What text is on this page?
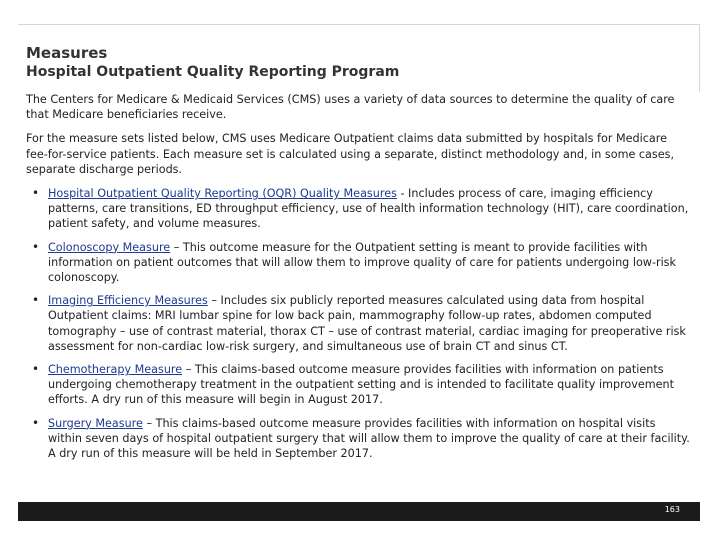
Measures
Hospital Outpatient Quality Reporting Program

The Centers for Medicare & Medicaid Services (CMS) uses a variety of data sources to determine the quality of care that Medicare beneficiaries receive.

For the measure sets listed below, CMS uses Medicare Outpatient claims data submitted by hospitals for Medicare fee-for-service patients. Each measure set is calculated using a separate, distinct methodology and, in some cases, separate discharge periods.

• Hospital Outpatient Quality Reporting (OQR) Quality Measures - Includes process of care, imaging efficiency patterns, care transitions, ED throughput efficiency, use of health information technology (HIT), care coordination, patient safety, and volume measures.
• Colonoscopy Measure – This outcome measure for the Outpatient setting is meant to provide facilities with information on patient outcomes that will allow them to improve quality of care for patients undergoing low-risk colonoscopy.
• Imaging Efficiency Measures – Includes six publicly reported measures calculated using data from hospital Outpatient claims: MRI lumbar spine for low back pain, mammography follow-up rates, abdomen computed tomography – use of contrast material, thorax CT – use of contrast material, cardiac imaging for preoperative risk assessment for non-cardiac low-risk surgery, and simultaneous use of brain CT and sinus CT.
• Chemotherapy Measure – This claims-based outcome measure provides facilities with information on patients undergoing chemotherapy treatment in the outpatient setting and is intended to facilitate quality improvement efforts. A dry run of this measure will begin in August 2017.
• Surgery Measure – This claims-based outcome measure provides facilities with information on hospital visits within seven days of hospital outpatient surgery that will allow them to improve the quality of care at their facility. A dry run of this measure will be held in September 2017.
163
